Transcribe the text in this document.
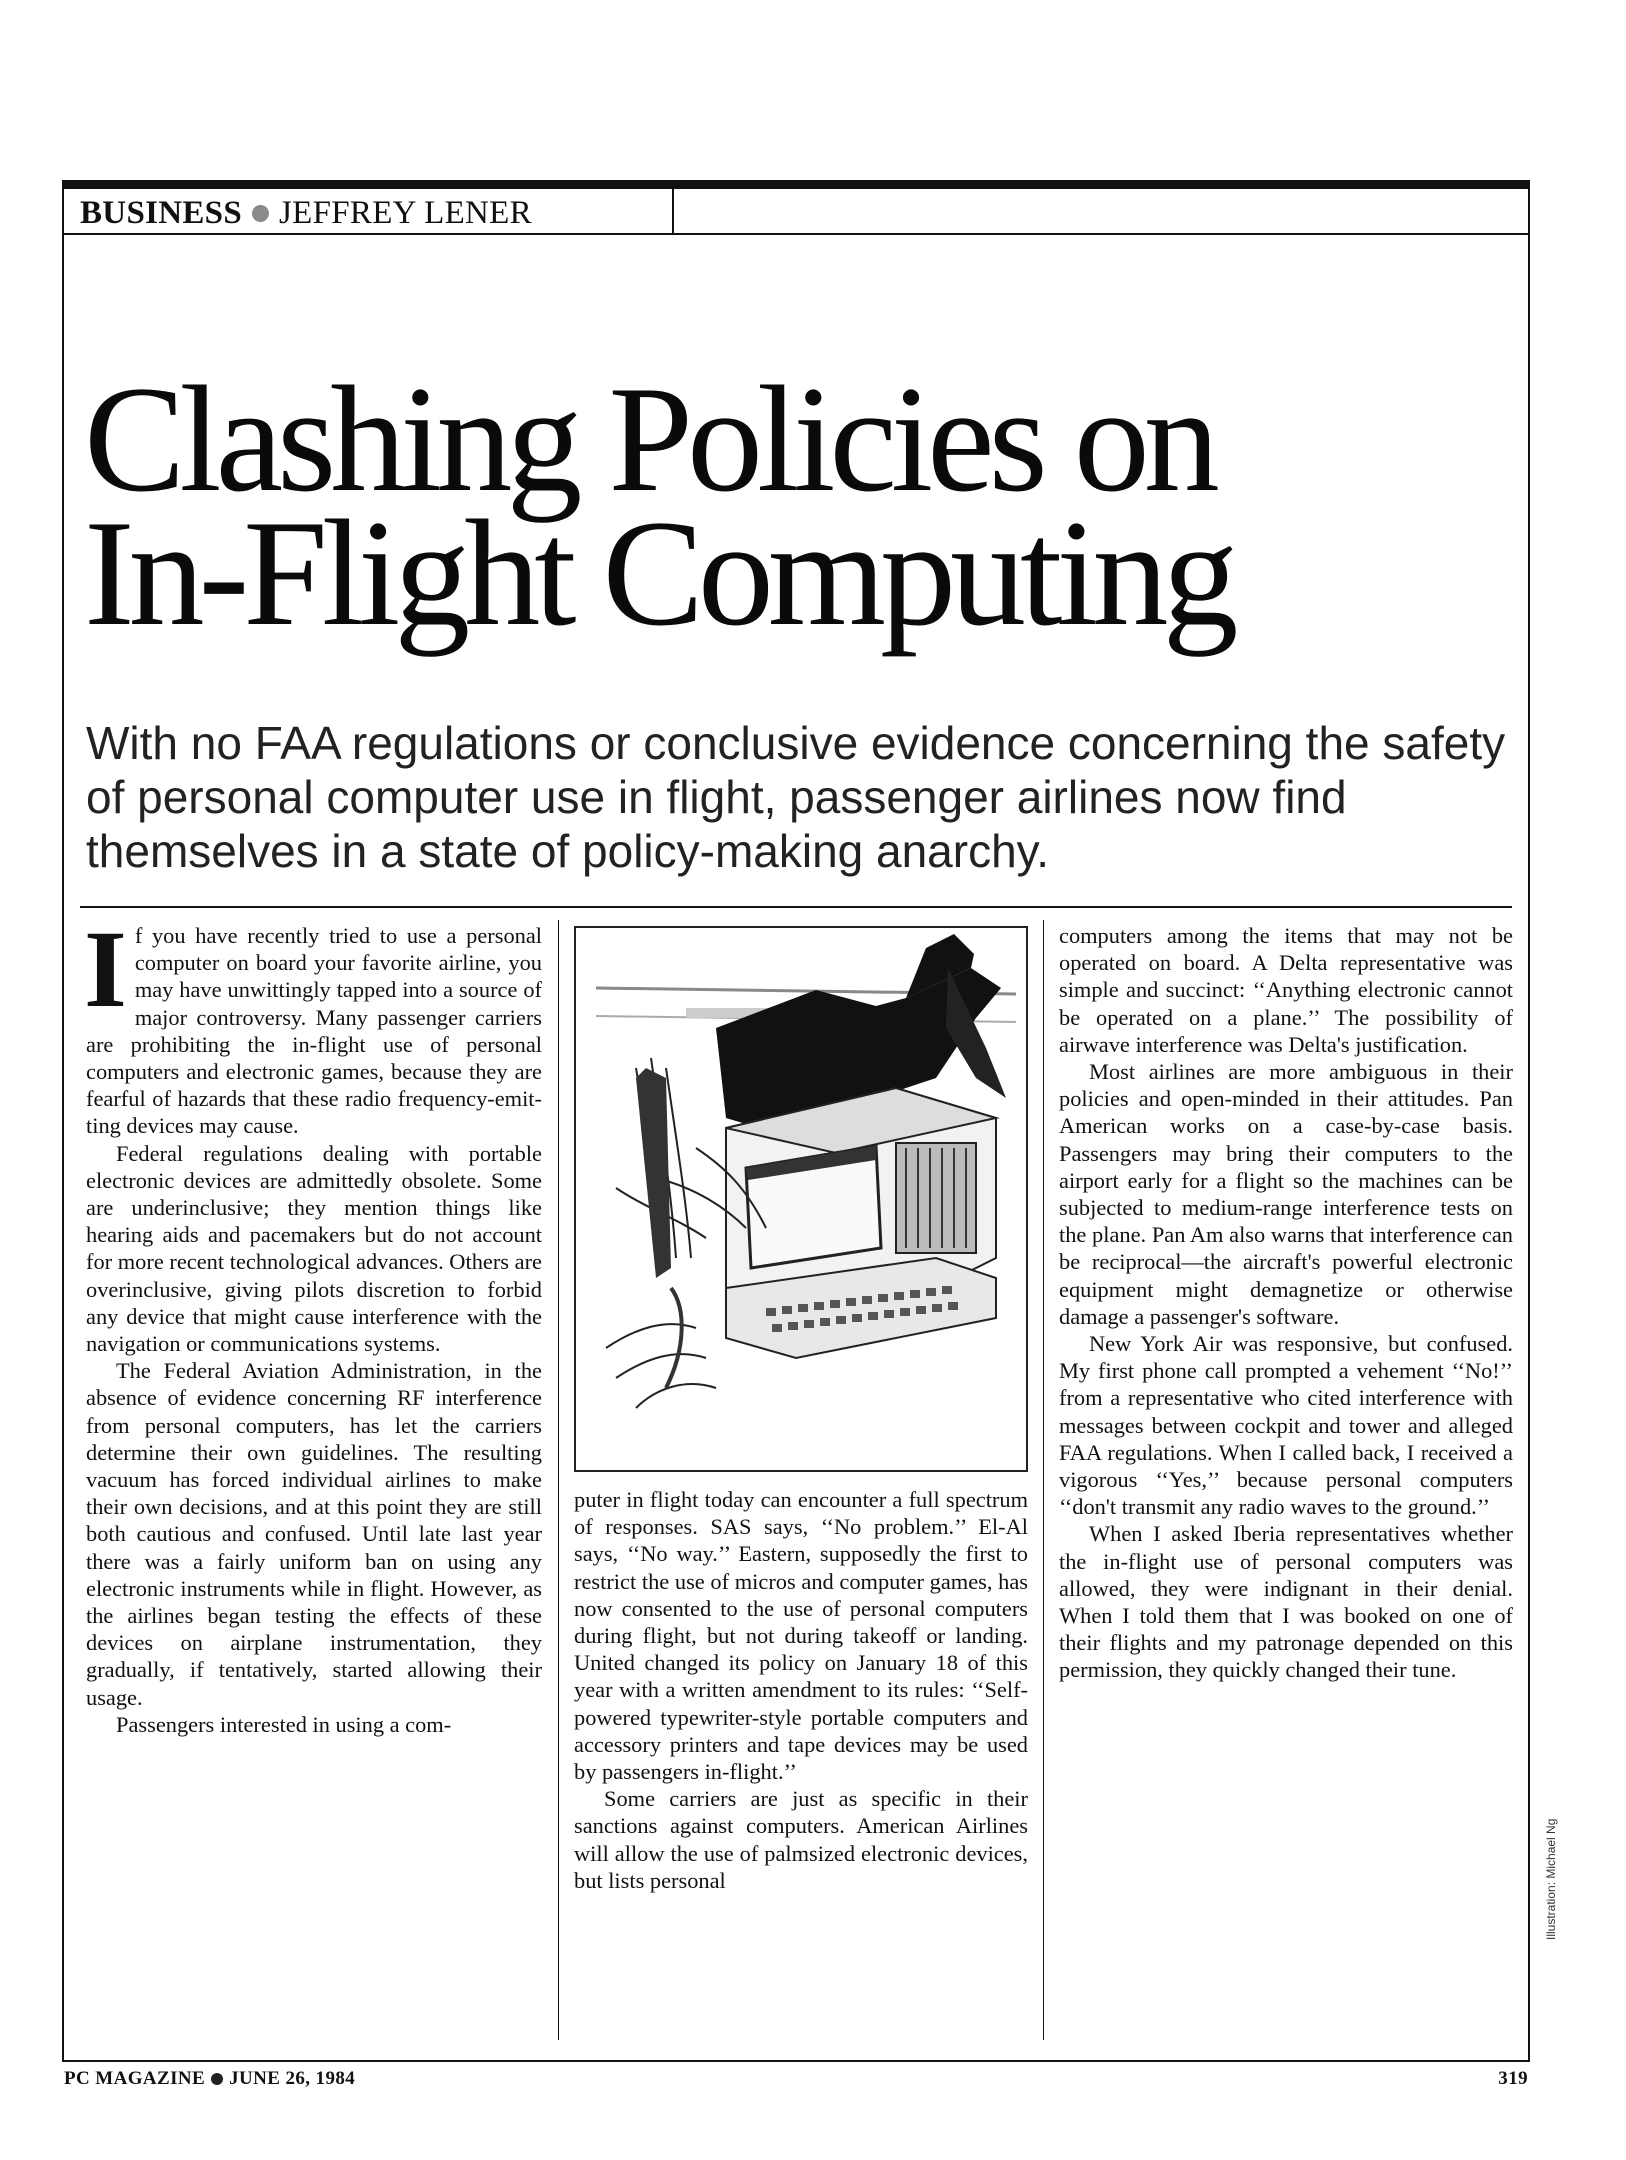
BUSINESS JEFFREY LENER
Clashing Policies on
In-Flight Computing

With no FAA regulations or conclusive evidence concerning the safety of personal computer use in flight, passenger airlines now find themselves in a state of policy-making anarchy.

If you have recently tried to use a personal computer on board your favorite airline, you may have unwittingly tapped into a source of major controversy. Many passenger carriers are prohibiting the in-flight use of personal computers and electronic games, because they are fearful of hazards that these radio frequency-emitting devices may cause.

Federal regulations dealing with portable electronic devices are admittedly obsolete. Some are underinclusive; they mention things like hearing aids and pacemakers but do not account for more recent technological advances. Others are overinclusive, giving pilots discretion to forbid any device that might cause interference with the navigation or communications systems.

The Federal Aviation Administration, in the absence of evidence concerning RF interference from personal computers, has let the carriers determine their own guidelines. The resulting vacuum has forced individual airlines to make their own decisions, and at this point they are still both cautious and confused. Until late last year there was a fairly uniform ban on using any electronic instruments while in flight. However, as the airlines began testing the effects of these devices on airplane instrumentation, they gradually, if tentatively, started allowing their usage.

Passengers interested in using a com-

puter in flight today can encounter a full spectrum of responses. SAS says, ‘‘No problem.’’ El-Al says, ‘‘No way.’’ Eastern, supposedly the first to restrict the use of micros and computer games, has now consented to the use of personal computers during flight, but not during takeoff or landing. United changed its policy on January 18 of this year with a written amendment to its rules: ‘‘Self-powered typewriter-style portable computers and accessory printers and tape devices may be used by passengers in-flight.’’

Some carriers are just as specific in their sanctions against computers. American Airlines will allow the use of palmsized electronic devices, but lists personal

computers among the items that may not be operated on board. A Delta representative was simple and succinct: ‘‘Anything electronic cannot be operated on a plane.’’ The possibility of airwave interference was Delta's justification.

Most airlines are more ambiguous in their policies and open-minded in their attitudes. Pan American works on a case-by-case basis. Passengers may bring their computers to the airport early for a flight so the machines can be subjected to medium-range interference tests on the plane. Pan Am also warns that interference can be reciprocal—the aircraft's powerful electronic equipment might demagnetize or otherwise damage a passenger's software.

New York Air was responsive, but confused. My first phone call prompted a vehement ‘‘No!’’ from a representative who cited interference with messages between cockpit and tower and alleged FAA regulations. When I called back, I received a vigorous ‘‘Yes,’’ because personal computers ‘‘don't transmit any radio waves to the ground.’’

When I asked Iberia representatives whether the in-flight use of personal computers was allowed, they were indignant in their denial. When I told them that I was booked on one of their flights and my patronage depended on this permission, they quickly changed their tune.

Illustration: Michael Ng
PC MAGAZINE JUNE 26, 1984	319
